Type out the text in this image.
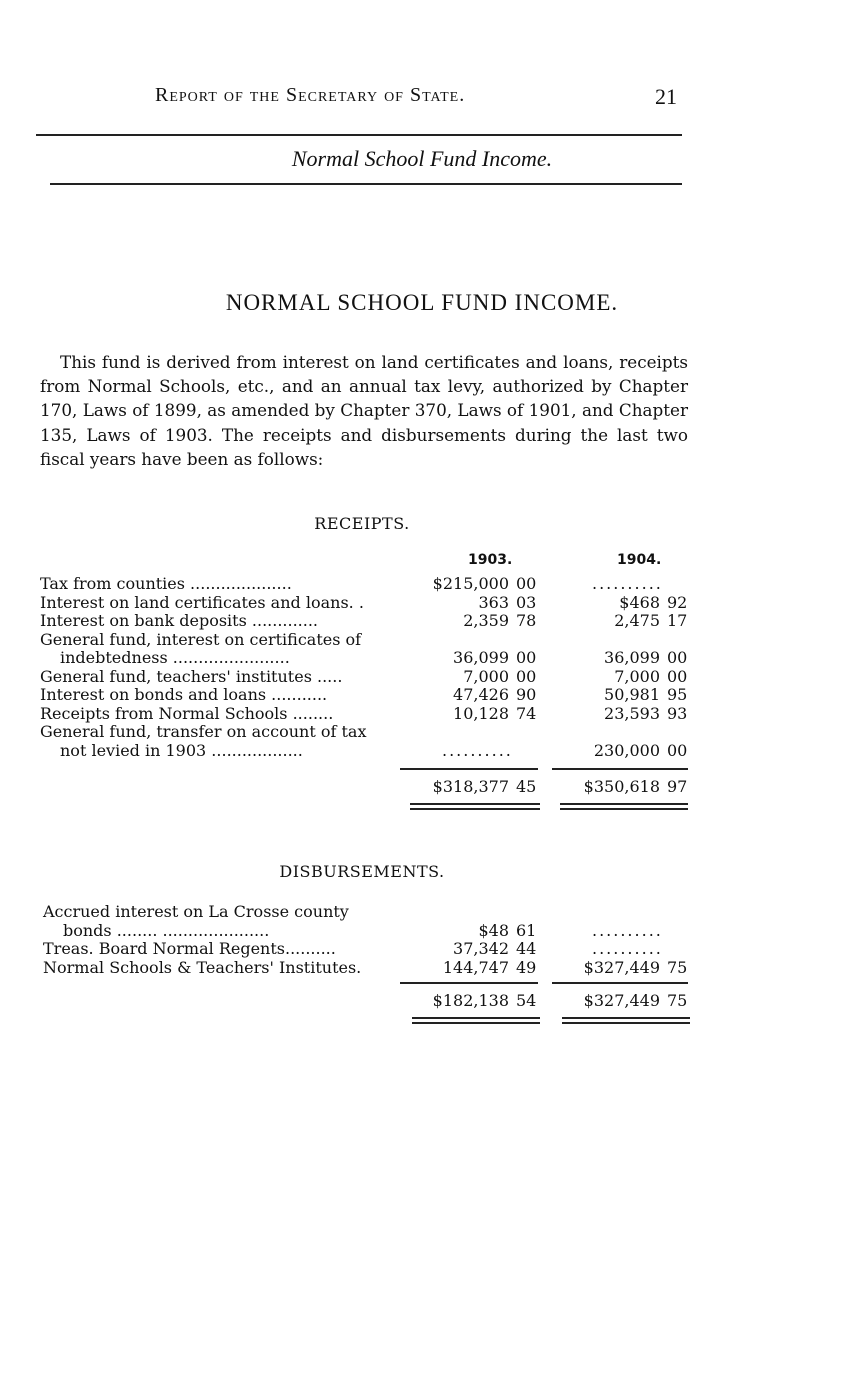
Report of the Secretary of State.	21
Normal School Fund Income.
NORMAL SCHOOL FUND INCOME.
This fund is derived from interest on land certificates and loans, receipts from Normal Schools, etc., and an annual tax levy, authorized by Chapter 170, Laws of 1899, as amended by Chapter 370, Laws of 1901, and Chapter 135, Laws of 1903. The receipts and disbursements during the last two fiscal years have been as follows:
RECEIPTS.
1903.	1904.
Tax from counties ....................	$215,000 00	..........
Interest on land certificates and loans. .	363 03	$468 92
Interest on bank deposits .............	2,359 78	2,475 17
General fund, interest on certificates of
indebtedness .......................	36,099 00	36,099 00
General fund, teachers' institutes .....	7,000 00	7,000 00
Interest on bonds and loans ...........	47,426 90	50,981 95
Receipts from Normal Schools ........	10,128 74	23,593 93
General fund, transfer on account of tax
not levied in 1903 ..................	..........	230,000 00
$318,377 45	$350,618 97
DISBURSEMENTS.
Accrued interest on La Crosse county
bonds ........ .....................	$48 61	..........
Treas. Board Normal Regents..........	37,342 44	..........
Normal Schools & Teachers' Institutes.	144,747 49	$327,449 75
$182,138 54	$327,449 75
